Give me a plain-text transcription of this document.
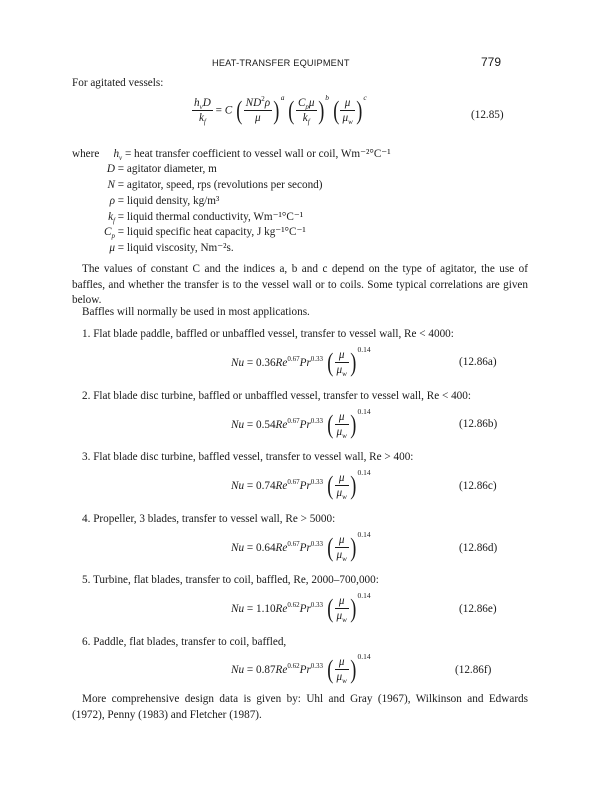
HEAT-TRANSFER EQUIPMENT	779
For agitated vessels:
$\frac{h_vD}{k_f} = C$ ( $\frac{ND^2\rho}{\mu} )a$ ( $\frac{C_p\mu}{k_f} )b$ ( $\frac{\mu}{\mu_w} )c$
(12.85)
where $h_v$ = heat transfer coefficient to vessel wall or coil, Wm⁻²°C⁻¹
D = agitator diameter, m
N = agitator, speed, rps (revolutions per second)
ρ = liquid density, kg/m³
$k_f$ = liquid thermal conductivity, Wm⁻¹°C⁻¹
$C_p$ = liquid specific heat capacity, J kg⁻¹°C⁻¹
μ = liquid viscosity, Nm⁻²s.
The values of constant C and the indices a, b and c depend on the type of agitator, the use of baffles, and whether the transfer is to the vessel wall or to coils. Some typical correlations are given below.
Baffles will normally be used in most applications.
1. Flat blade paddle, baffled or unbaffled vessel, transfer to vessel wall, Re < 4000:
$Nu = 0.36Re^{0.67}Pr^{0.33}$ ( $\frac{\mu}{\mu_w} )0.14$
(12.86a)
2. Flat blade disc turbine, baffled or unbaffled vessel, transfer to vessel wall, Re < 400:
$Nu = 0.54Re^{0.67}Pr^{0.33}$ ( $\frac{\mu}{\mu_w} )0.14$
(12.86b)
3. Flat blade disc turbine, baffled vessel, transfer to vessel wall, Re > 400:
$Nu = 0.74Re^{0.67}Pr^{0.33}$ ( $\frac{\mu}{\mu_w} )0.14$
(12.86c)
4. Propeller, 3 blades, transfer to vessel wall, Re > 5000:
$Nu = 0.64Re^{0.67}Pr^{0.33}$ ( $\frac{\mu}{\mu_w} )0.14$
(12.86d)
5. Turbine, flat blades, transfer to coil, baffled, Re, 2000–700,000:
$Nu = 1.10Re^{0.62}Pr^{0.33}$ ( $\frac{\mu}{\mu_w} )0.14$
(12.86e)
6. Paddle, flat blades, transfer to coil, baffled,
$Nu = 0.87Re^{0.62}Pr^{0.33}$ ( $\frac{\mu}{\mu_w} )0.14$
(12.86f)
More comprehensive design data is given by: Uhl and Gray (1967), Wilkinson and Edwards (1972), Penny (1983) and Fletcher (1987).
